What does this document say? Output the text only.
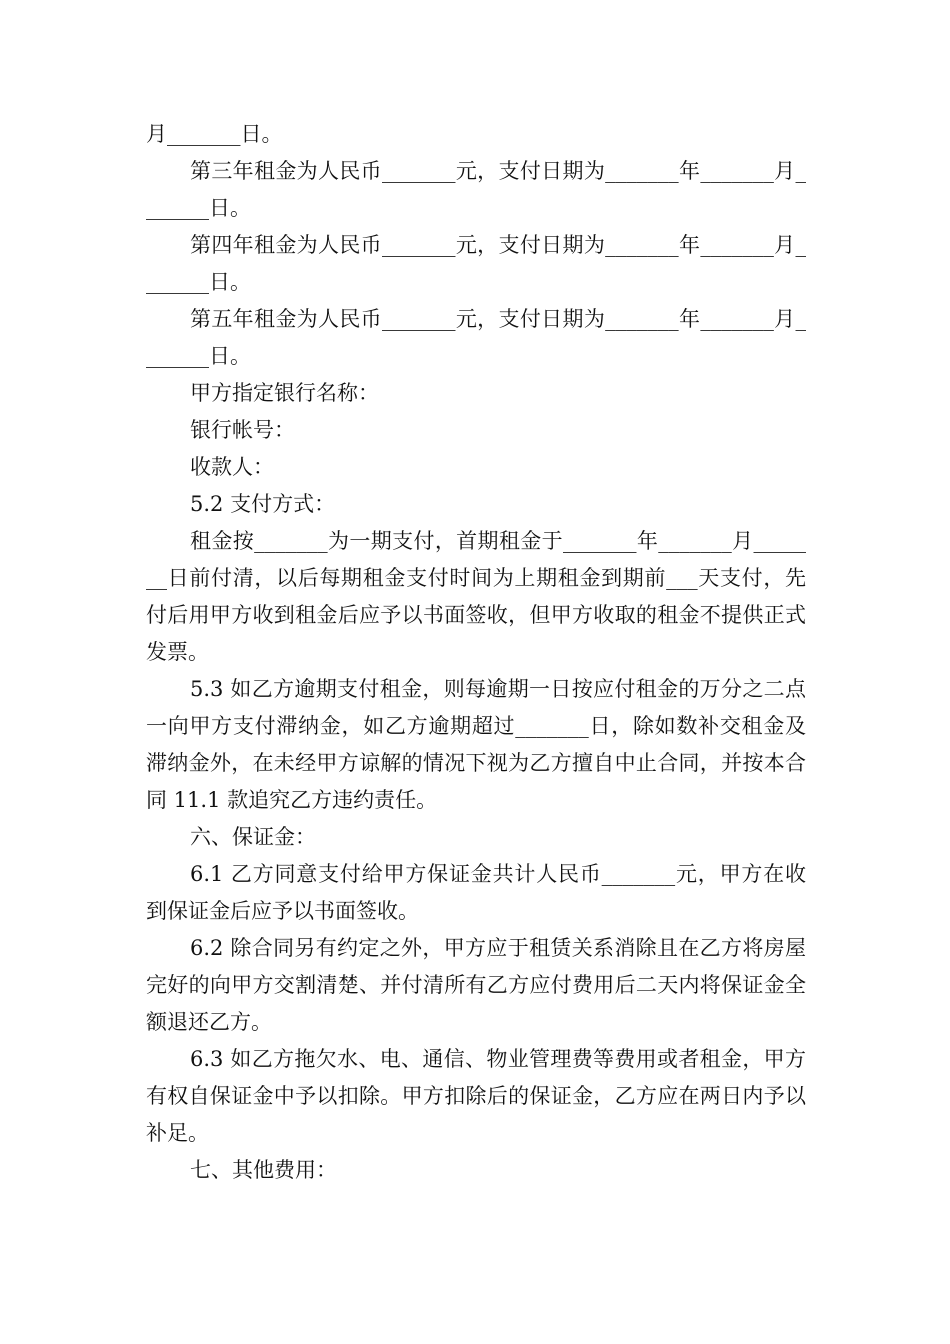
月_______日。

第三年租金为人民币_______元，支付日期为_______年_______月_______日。

第四年租金为人民币_______元，支付日期为_______年_______月_______日。

第五年租金为人民币_______元，支付日期为_______年_______月_______日。

甲方指定银行名称：

银行帐号：

收款人：

5.2 支付方式：

租金按_______为一期支付，首期租金于_______年_______月_______日前付清，以后每期租金支付时间为上期租金到期前___天支付，先付后用甲方收到租金后应予以书面签收，但甲方收取的租金不提供正式发票。

5.3 如乙方逾期支付租金，则每逾期一日按应付租金的万分之二点一向甲方支付滞纳金，如乙方逾期超过_______日，除如数补交租金及滞纳金外，在未经甲方谅解的情况下视为乙方擅自中止合同，并按本合同 11.1 款追究乙方违约责任。

六、保证金：

6.1 乙方同意支付给甲方保证金共计人民币_______元，甲方在收到保证金后应予以书面签收。

6.2 除合同另有约定之外，甲方应于租赁关系消除且在乙方将房屋完好的向甲方交割清楚、并付清所有乙方应付费用后二天内将保证金全额退还乙方。

6.3 如乙方拖欠水、电、通信、物业管理费等费用或者租金，甲方有权自保证金中予以扣除。甲方扣除后的保证金，乙方应在两日内予以补足。

七、其他费用：
